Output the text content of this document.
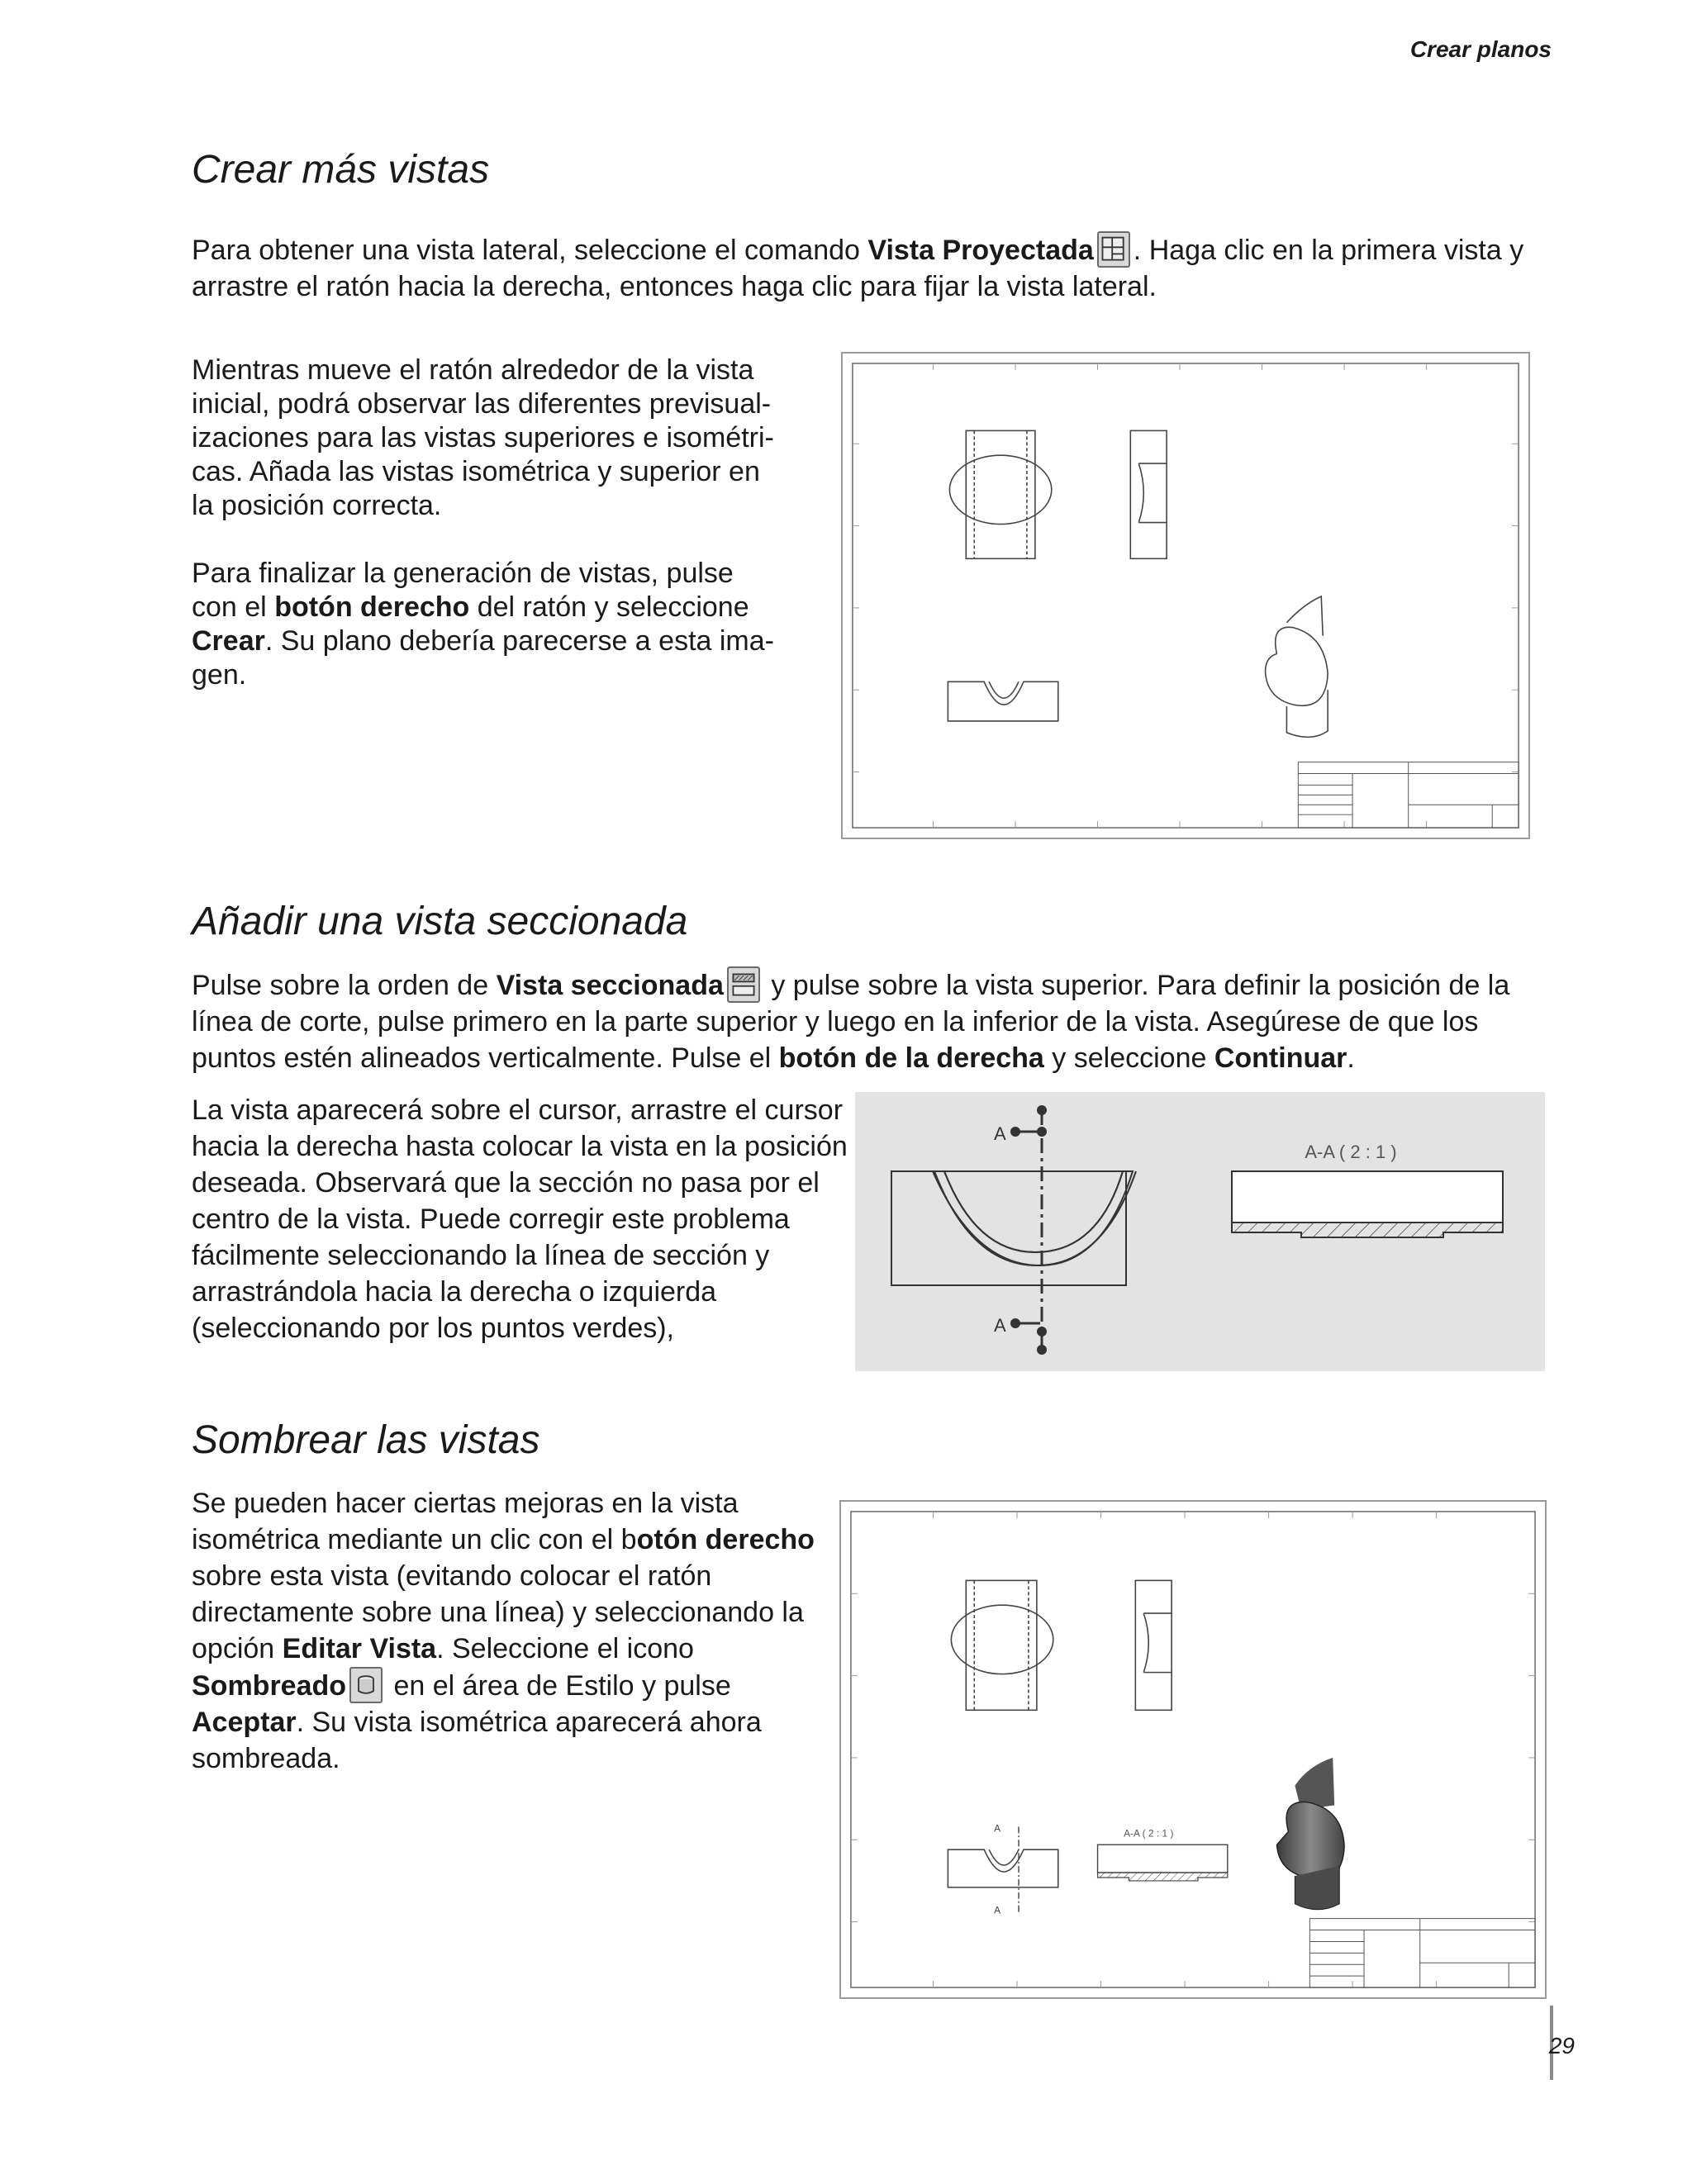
Crear planos
Crear más vistas

Para obtener una vista lateral, seleccione el comando Vista Proyectada . Haga clic en la primera vista y arrastre el ratón hacia la derecha, entonces haga clic para fijar la vista lateral.

Mientras mueve el ratón alrededor de la vista inicial, podrá observar las diferentes previsualizaciones para las vistas superiores e isométricas. Añada las vistas isométrica y superior en la posición correcta.

Para finalizar la generación de vistas, pulse con el botón derecho del ratón y seleccione Crear. Su plano debería parecerse a esta imagen.

Añadir una vista seccionada

Pulse sobre la orden de Vista seccionada
y pulse sobre la vista superior. Para definir la posición de la línea de corte, pulse primero en la parte superior y luego en la inferior de la vista. Asegúrese de que los puntos estén alineados verticalmente. Pulse el botón de la derecha y seleccione Continuar.

La vista aparecerá sobre el cursor, arrastre el cursor hacia la derecha hasta colocar la vista en la posición deseada. Observará que la sección no pasa por el centro de la vista. Puede corregir este problema fácilmente seleccionando la línea de sección y arrastrándola hacia la derecha o izquierda (seleccionando por los puntos verdes),

A
A
A-A ( 2 : 1 )
Sombrear las vistas

Se pueden hacer ciertas mejoras en la vista isométrica mediante un clic con el botón derecho sobre esta vista (evitando colocar el ratón directamente sobre una línea) y seleccionando la opción Editar Vista. Seleccione el icono Sombreado
en el área de Estilo y pulse Aceptar. Su vista isométrica aparecerá ahora sombreada.

A
A
A-A ( 2 : 1 )
29
